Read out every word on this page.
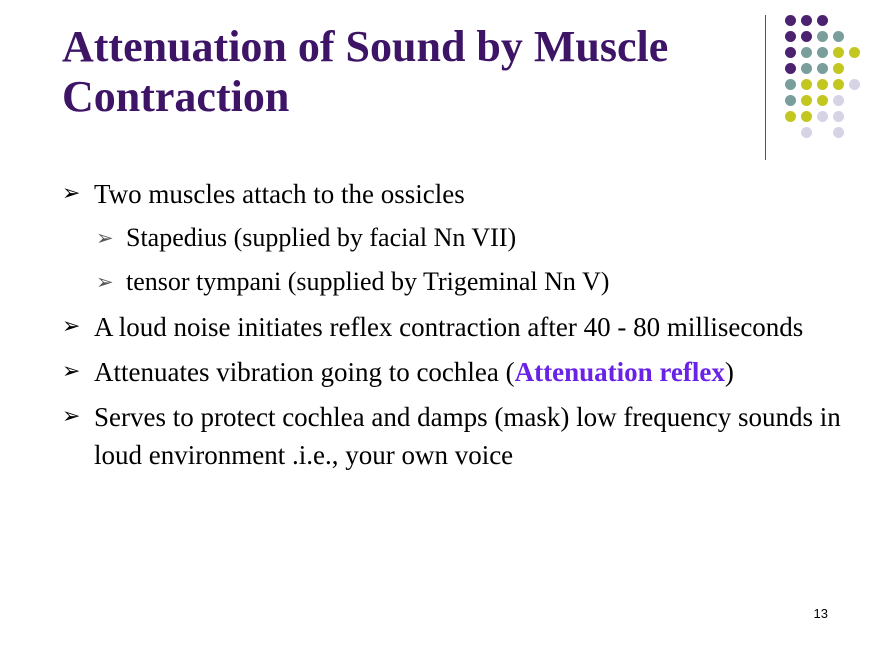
Attenuation of Sound by Muscle Contraction
➢ Two muscles attach to the ossicles
➢ Stapedius (supplied by facial Nn VII)
➢ tensor tympani (supplied by Trigeminal Nn V)
➢ A loud noise initiates reflex contraction after 40 - 80 milliseconds
➢ Attenuates vibration going to cochlea (Attenuation reflex)
➢ Serves to protect cochlea and damps (mask) low frequency sounds in loud environment .i.e., your own voice
13
